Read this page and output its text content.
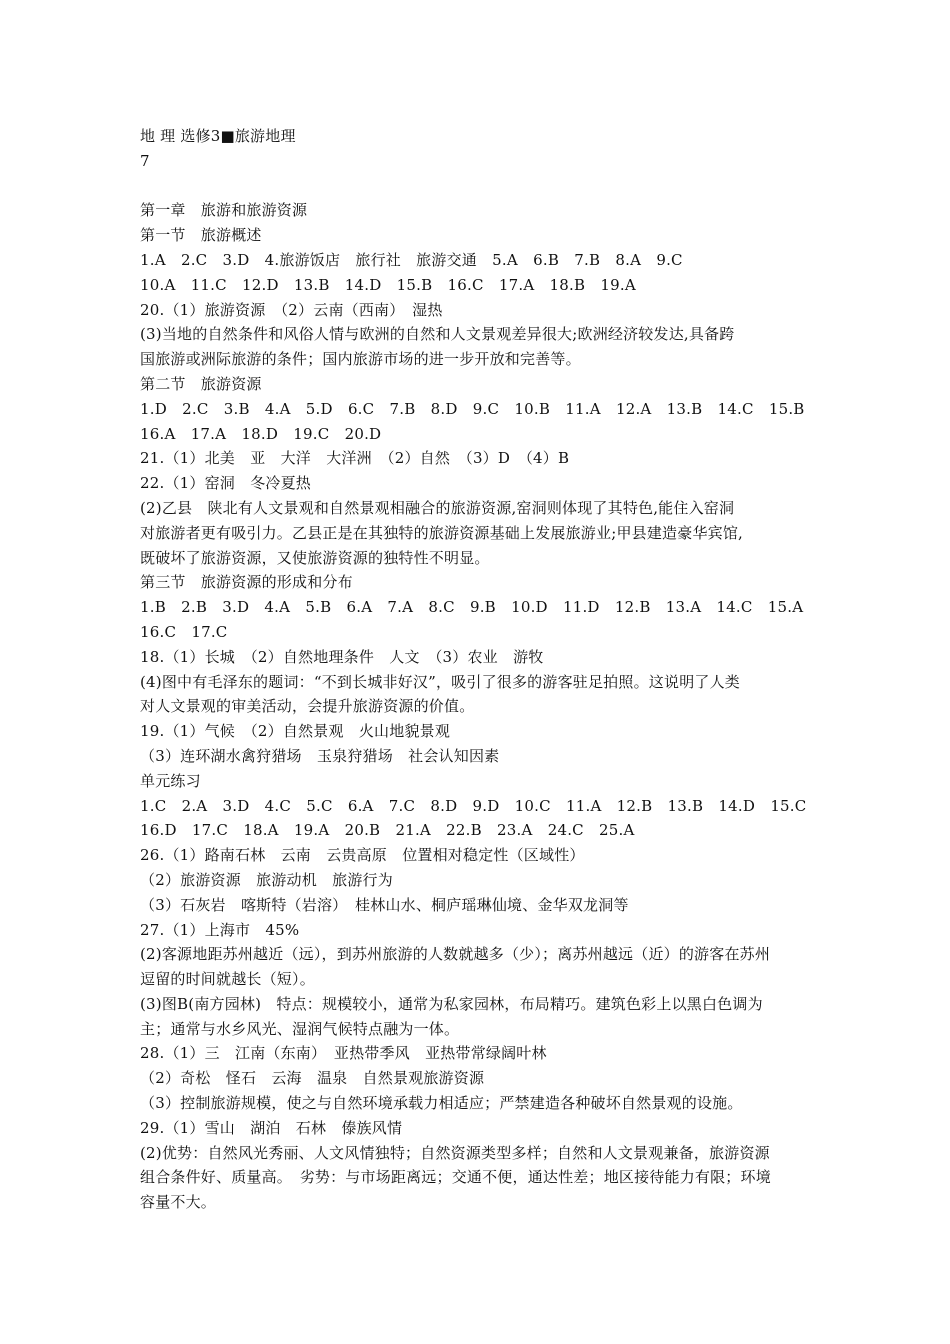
地 理 选修3■旅游地理
7
第一章　旅游和旅游资源
第一节　旅游概述
1.A　2.C　3.D　4.旅游饭店　旅行社　旅游交通　5.A　6.B　7.B　8.A　9.C
10.A　11.C　12.D　13.B　14.D　15.B　16.C　17.A　18.B　19.A
20.（1）旅游资源　（2）云南（西南）　湿热
(3)当地的自然条件和风俗人情与欧洲的自然和人文景观差异很大;欧洲经济较发达,具备跨
国旅游或洲际旅游的条件；国内旅游市场的进一步开放和完善等。
第二节　旅游资源
1.D　2.C　3.B　4.A　5.D　6.C　7.B　8.D　9.C　10.B　11.A　12.A　13.B　14.C　15.B
16.A　17.A　18.D　19.C　20.D
21.（1）北美　亚　大洋　大洋洲　（2）自然　（3）D　（4）B
22.（1）窑洞　冬冷夏热
(2)乙县　陕北有人文景观和自然景观相融合的旅游资源,窑洞则体现了其特色,能住入窑洞
对旅游者更有吸引力。乙县正是在其独特的旅游资源基础上发展旅游业;甲县建造豪华宾馆,
既破坏了旅游资源，又使旅游资源的独特性不明显。
第三节　旅游资源的形成和分布
1.B　2.B　3.D　4.A　5.B　6.A　7.A　8.C　9.B　10.D　11.D　12.B　13.A　14.C　15.A
16.C　17.C
18.（1）长城　（2）自然地理条件　人文　（3）农业　游牧
(4)图中有毛泽东的题词：“不到长城非好汉”，吸引了很多的游客驻足拍照。这说明了人类
对人文景观的审美活动，会提升旅游资源的价值。
19.（1）气候　（2）自然景观　火山地貌景观
（3）连环湖水禽狩猎场　玉泉狩猎场　社会认知因素
单元练习
1.C　2.A　3.D　4.C　5.C　6.A　7.C　8.D　9.D　10.C　11.A　12.B　13.B　14.D　15.C
16.D　17.C　18.A　19.A　20.B　21.A　22.B　23.A　24.C　25.A
26.（1）路南石林　云南　云贵高原　位置相对稳定性（区域性）
（2）旅游资源　旅游动机　旅游行为
（3）石灰岩　喀斯特（岩溶）　桂林山水、桐庐瑶琳仙境、金华双龙洞等
27.（1）上海市　45%
(2)客源地距苏州越近（远），到苏州旅游的人数就越多（少）；离苏州越远（近）的游客在苏州
逗留的时间就越长（短）。
(3)图B(南方园林)　特点：规模较小，通常为私家园林，布局精巧。建筑色彩上以黑白色调为
主；通常与水乡风光、湿润气候特点融为一体。
28.（1）三　江南（东南）　亚热带季风　亚热带常绿阔叶林
（2）奇松　怪石　云海　温泉　自然景观旅游资源
（3）控制旅游规模，使之与自然环境承载力相适应；严禁建造各种破坏自然景观的设施。
29.（1）雪山　湖泊　石林　傣族风情
(2)优势：自然风光秀丽、人文风情独特；自然资源类型多样；自然和人文景观兼备，旅游资源
组合条件好、质量高。　劣势：与市场距离远；交通不便，通达性差；地区接待能力有限；环境
容量不大。
